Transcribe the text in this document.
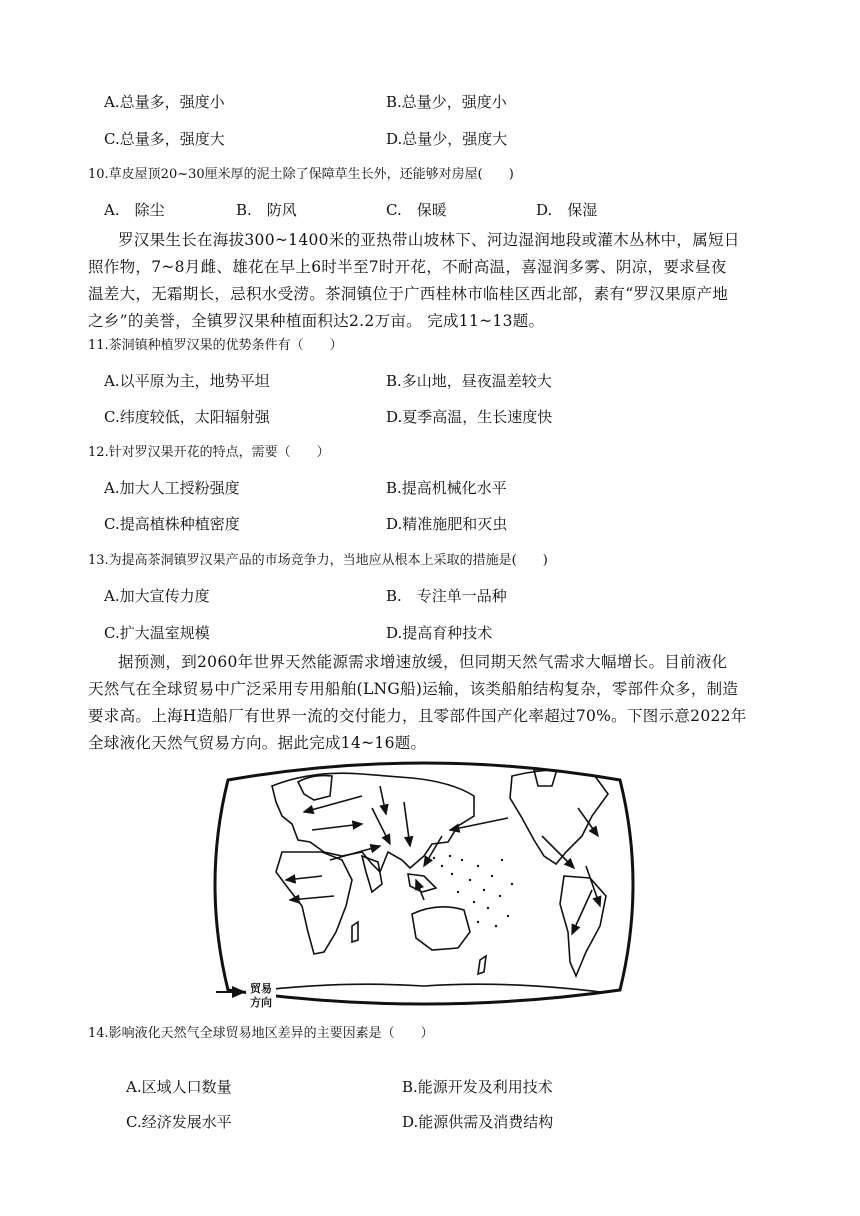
A.总量多，强度小	B.总量少，强度小
C.总量多，强度大	D.总量少，强度大
10.草皮屋顶20~30厘米厚的泥土除了保障草生长外，还能够对房屋(　　)
A.　除尘	B.　防风	C.　保暖	D.　保湿
罗汉果生长在海拔300~1400米的亚热带山坡林下、河边湿润地段或灌木丛林中，属短日
照作物，7~8月雌、雄花在早上6时半至7时开花，不耐高温，喜湿润多雾、阴凉，要求昼夜
温差大，无霜期长，忌积水受涝。茶洞镇位于广西桂林市临桂区西北部，素有“罗汉果原产地
之乡”的美誉，全镇罗汉果种植面积达2.2万亩。 完成11~13题。
11.茶洞镇种植罗汉果的优势条件有（　　）
A.以平原为主，地势平坦	B.多山地，昼夜温差较大
C.纬度较低，太阳辐射强	D.夏季高温，生长速度快
12.针对罗汉果开花的特点，需要（　　）
A.加大人工授粉强度	B.提高机械化水平
C.提高植株种植密度	D.精准施肥和灭虫
13.为提高茶洞镇罗汉果产品的市场竞争力，当地应从根本上采取的措施是(　　)
A.加大宣传力度	B.　专注单一品种
C.扩大温室规模	D.提高育种技术
据预测，到2060年世界天然能源需求增速放缓，但同期天然气需求大幅增长。目前液化
天然气在全球贸易中广泛采用专用船舶(LNG船)运输，该类船舶结构复杂，零部件众多，制造
要求高。上海H造船厂有世界一流的交付能力，且零部件国产化率超过70%。下图示意2022年
全球液化天然气贸易方向。据此完成14~16题。
贸易
方向
14.影响液化天然气全球贸易地区差异的主要因素是（　　）
A.区域人口数量	B.能源开发及利用技术
C.经济发展水平	D.能源供需及消费结构
